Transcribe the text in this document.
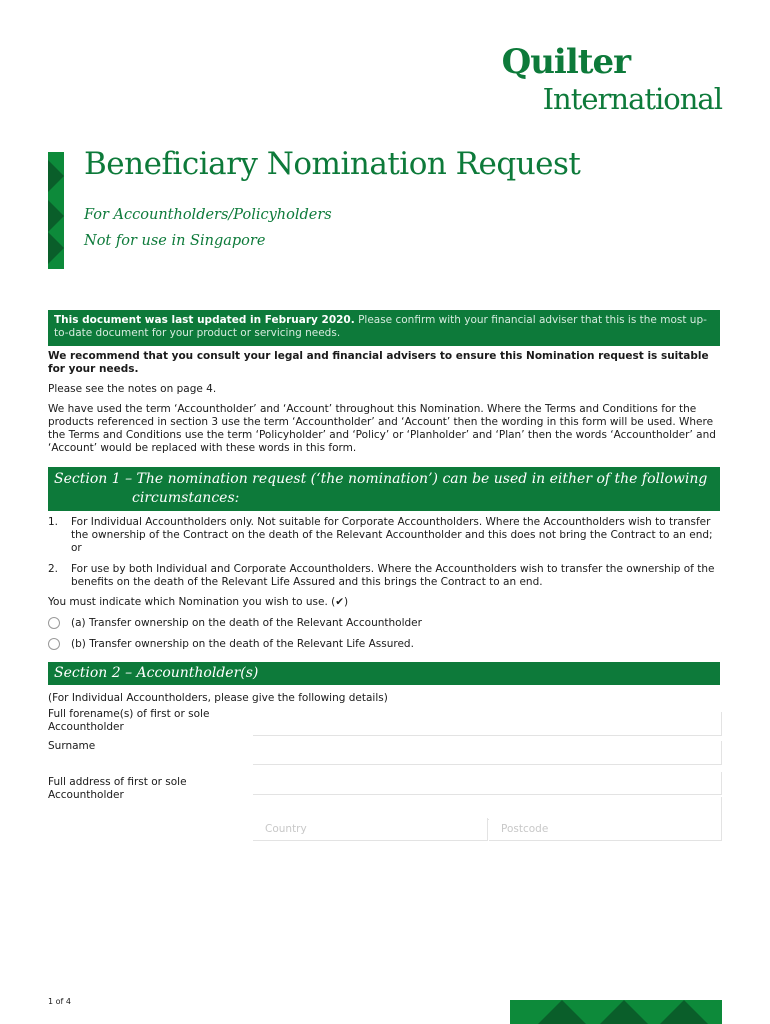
Quilter
International
Beneficiary Nomination Request
For Accountholders/Policyholders
Not for use in Singapore
This document was last updated in February 2020. Please confirm with your financial adviser that this is the most up-to-date document for your product or servicing needs.
We recommend that you consult your legal and financial advisers to ensure this Nomination request is suitable for your needs.
Please see the notes on page 4.
We have used the term ‘Accountholder’ and ‘Account’ throughout this Nomination. Where the Terms and Conditions for the products referenced in section 3 use the term ‘Accountholder’ and ‘Account’ then the wording in this form will be used. Where the Terms and Conditions use the term ‘Policyholder’ and ‘Policy’ or ‘Planholder’ and ‘Plan’ then the words ‘Accountholder’ and ‘Account’ would be replaced with these words in this form.
Section 1 – The nomination request (‘the nomination’) can be used in either of the following
circumstances:
1. For Individual Accountholders only. Not suitable for Corporate Accountholders. Where the Accountholders wish to transfer the ownership of the Contract on the death of the Relevant Accountholder and this does not bring the Contract to an end; or
2. For use by both Individual and Corporate Accountholders. Where the Accountholders wish to transfer the ownership of the benefits on the death of the Relevant Life Assured and this brings the Contract to an end.
You must indicate which Nomination you wish to use. (✔)
(a) Transfer ownership on the death of the Relevant Accountholder
(b) Transfer ownership on the death of the Relevant Life Assured.
Section 2 – Accountholder(s)
(For Individual Accountholders, please give the following details)
Full forename(s) of first or sole Accountholder
Surname
Full address of first or sole Accountholder
Country	Postcode
1 of 4
